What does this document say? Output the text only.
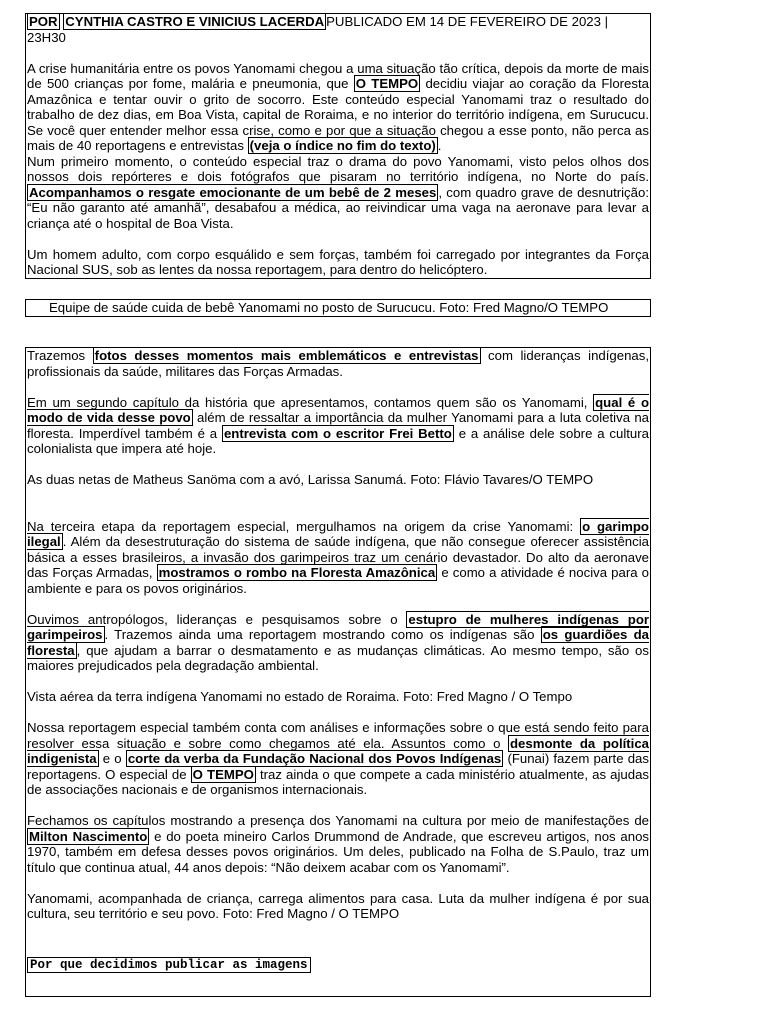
POR CYNTHIA CASTRO E VINICIUS LACERDA PUBLICADO EM 14 DE FEVEREIRO DE 2023 | 23H30

A crise humanitária entre os povos Yanomami chegou a uma situação tão crítica, depois da morte de mais de 500 crianças por fome, malária e pneumonia, que O TEMPO decidiu viajar ao coração da Floresta Amazônica e tentar ouvir o grito de socorro. Este conteúdo especial Yanomami traz o resultado do trabalho de dez dias, em Boa Vista, capital de Roraima, e no interior do território indígena, em Surucucu. Se você quer entender melhor essa crise, como e por que a situação chegou a esse ponto, não perca as mais de 40 reportagens e entrevistas (veja o índice no fim do texto) .

Num primeiro momento, o conteúdo especial traz o drama do povo Yanomami, visto pelos olhos dos nossos dois repórteres e dois fotógrafos que pisaram no território indígena, no Norte do país. Acompanhamos o resgate emocionante de um bebê de 2 meses , com quadro grave de desnutrição: “Eu não garanto até amanhã”, desabafou a médica, ao reivindicar uma vaga na aeronave para levar a criança até o hospital de Boa Vista.

Um homem adulto, com corpo esquálido e sem forças, também foi carregado por integrantes da Força Nacional SUS, sob as lentes da nossa reportagem, para dentro do helicóptero.

Equipe de saúde cuida de bebê Yanomami no posto de Surucucu. Foto: Fred Magno/O TEMPO

Trazemos fotos desses momentos mais emblemáticos e entrevistas com lideranças indígenas, profissionais da saúde, militares das Forças Armadas.

Em um segundo capítulo da história que apresentamos, contamos quem são os Yanomami, qual é o modo de vida desse povo além de ressaltar a importância da mulher Yanomami para a luta coletiva na floresta. Imperdível também é a entrevista com o escritor Frei Betto e a análise dele sobre a cultura colonialista que impera até hoje.

As duas netas de Matheus Sanöma com a avó, Larissa Sanumá. Foto: Flávio Tavares/O TEMPO

Na terceira etapa da reportagem especial, mergulhamos na origem da crise Yanomami: o garimpo ilegal . Além da desestruturação do sistema de saúde indígena, que não consegue oferecer assistência básica a esses brasileiros, a invasão dos garimpeiros traz um cenário devastador. Do alto da aeronave das Forças Armadas, mostramos o rombo na Floresta Amazônica e como a atividade é nociva para o ambiente e para os povos originários.

Ouvimos antropólogos, lideranças e pesquisamos sobre o estupro de mulheres indígenas por garimpeiros . Trazemos ainda uma reportagem mostrando como os indígenas são os guardiões da floresta , que ajudam a barrar o desmatamento e as mudanças climáticas. Ao mesmo tempo, são os maiores prejudicados pela degradação ambiental.

Vista aérea da terra indígena Yanomami no estado de Roraima. Foto: Fred Magno / O Tempo

Nossa reportagem especial também conta com análises e informações sobre o que está sendo feito para resolver essa situação e sobre como chegamos até ela. Assuntos como o desmonte da política indigenista e o corte da verba da Fundação Nacional dos Povos Indígenas (Funai) fazem parte das reportagens. O especial de O TEMPO traz ainda o que compete a cada ministério atualmente, as ajudas de associações nacionais e de organismos internacionais.

Fechamos os capítulos mostrando a presença dos Yanomami na cultura por meio de manifestações de Milton Nascimento e do poeta mineiro Carlos Drummond de Andrade, que escreveu artigos, nos anos 1970, também em defesa desses povos originários. Um deles, publicado na Folha de S.Paulo, traz um título que continua atual, 44 anos depois: “Não deixem acabar com os Yanomami”.

Yanomami, acompanhada de criança, carrega alimentos para casa. Luta da mulher indígena é por sua cultura, seu território e seu povo. Foto: Fred Magno / O TEMPO

Por que decidimos publicar as imagens
